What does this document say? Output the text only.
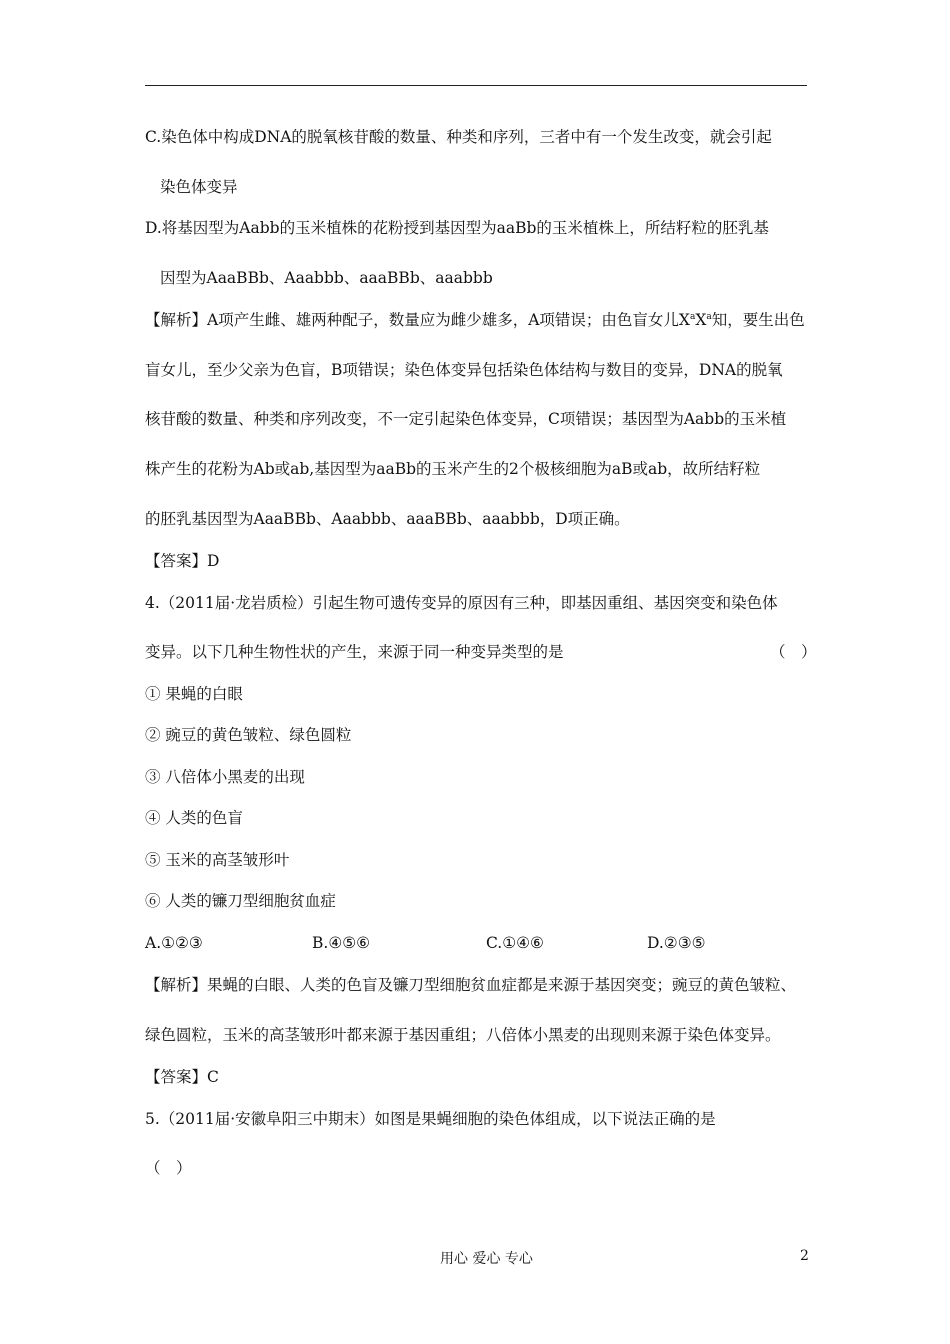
C.染色体中构成DNA的脱氧核苷酸的数量、种类和序列，三者中有一个发生改变，就会引起
染色体变异
D.将基因型为Aabb的玉米植株的花粉授到基因型为aaBb的玉米植株上，所结籽粒的胚乳基
因型为AaaBBb、Aaabbb、aaaBBb、aaabbb
【解析】A项产生雌、雄两种配子，数量应为雌少雄多，A项错误；由色盲女儿$X^aX^a$知，要生出色
盲女儿，至少父亲为色盲，B项错误；染色体变异包括染色体结构与数目的变异，DNA的脱氧
核苷酸的数量、种类和序列改变，不一定引起染色体变异，C项错误；基因型为Aabb的玉米植
株产生的花粉为Ab或ab,基因型为aaBb的玉米产生的2个极核细胞为aB或ab，故所结籽粒
的胚乳基因型为AaaBBb、Aaabbb、aaaBBb、aaabbb，D项正确。
【答案】D
4.（2011届·龙岩质检）引起生物可遗传变异的原因有三种，即基因重组、基因突变和染色体
变异。以下几种生物性状的产生，来源于同一种变异类型的是	（　）
① 果蝇的白眼
② 豌豆的黄色皱粒、绿色圆粒
③ 八倍体小黑麦的出现
④ 人类的色盲
⑤ 玉米的高茎皱形叶
⑥ 人类的镰刀型细胞贫血症
A.①②③	B.④⑤⑥	C.①④⑥	D.②③⑤
【解析】果蝇的白眼、人类的色盲及镰刀型细胞贫血症都是来源于基因突变；豌豆的黄色皱粒、
绿色圆粒，玉米的高茎皱形叶都来源于基因重组；八倍体小黑麦的出现则来源于染色体变异。
【答案】C
5.（2011届·安徽阜阳三中期末）如图是果蝇细胞的染色体组成，以下说法正确的是
（　）
用心 爱心 专心	2
